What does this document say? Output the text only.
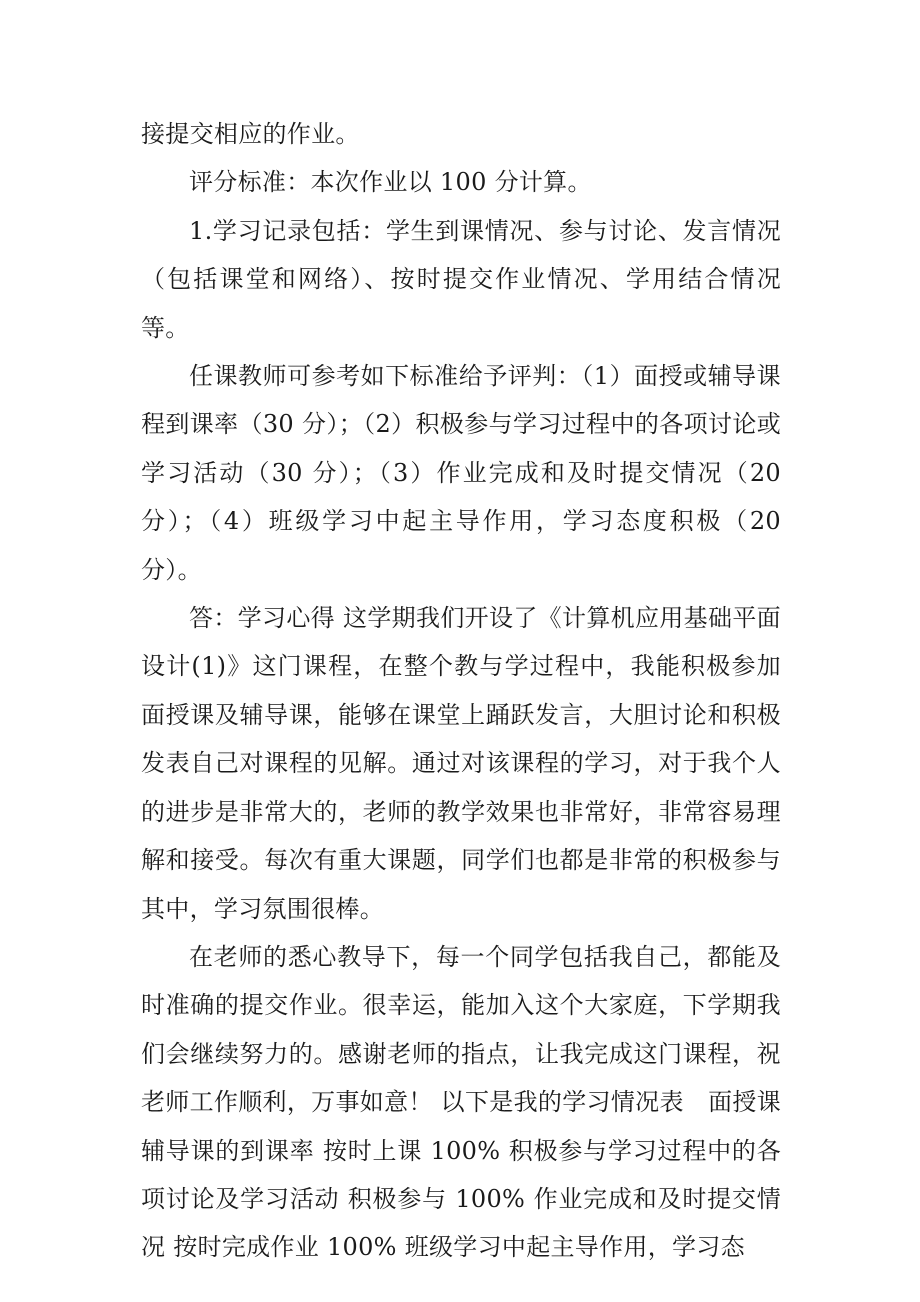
接提交相应的作业。

评分标准：本次作业以 100 分计算。

1.学习记录包括：学生到课情况、参与讨论、发言情况（包括课堂和网络）、按时提交作业情况、学用结合情况等。

任课教师可参考如下标准给予评判：（1）面授或辅导课程到课率（30 分）；（2）积极参与学习过程中的各项讨论或学习活动（30 分）；（3）作业完成和及时提交情况（20 分）；（4）班级学习中起主导作用，学习态度积极（20 分）。

答：学习心得 这学期我们开设了《计算机应用基础平面设计(1)》这门课程，在整个教与学过程中，我能积极参加面授课及辅导课，能够在课堂上踊跃发言，大胆讨论和积极发表自己对课程的见解。通过对该课程的学习，对于我个人的进步是非常大的，老师的教学效果也非常好，非常容易理解和接受。每次有重大课题，同学们也都是非常的积极参与其中，学习氛围很棒。

在老师的悉心教导下，每一个同学包括我自己，都能及时准确的提交作业。很幸运，能加入这个大家庭，下学期我们会继续努力的。感谢老师的指点，让我完成这门课程，祝老师工作顺利，万事如意！ 以下是我的学习情况表　面授课辅导课的到课率 按时上课 100% 积极参与学习过程中的各项讨论及学习活动 积极参与 100% 作业完成和及时提交情况 按时完成作业 100% 班级学习中起主导作用，学习态
